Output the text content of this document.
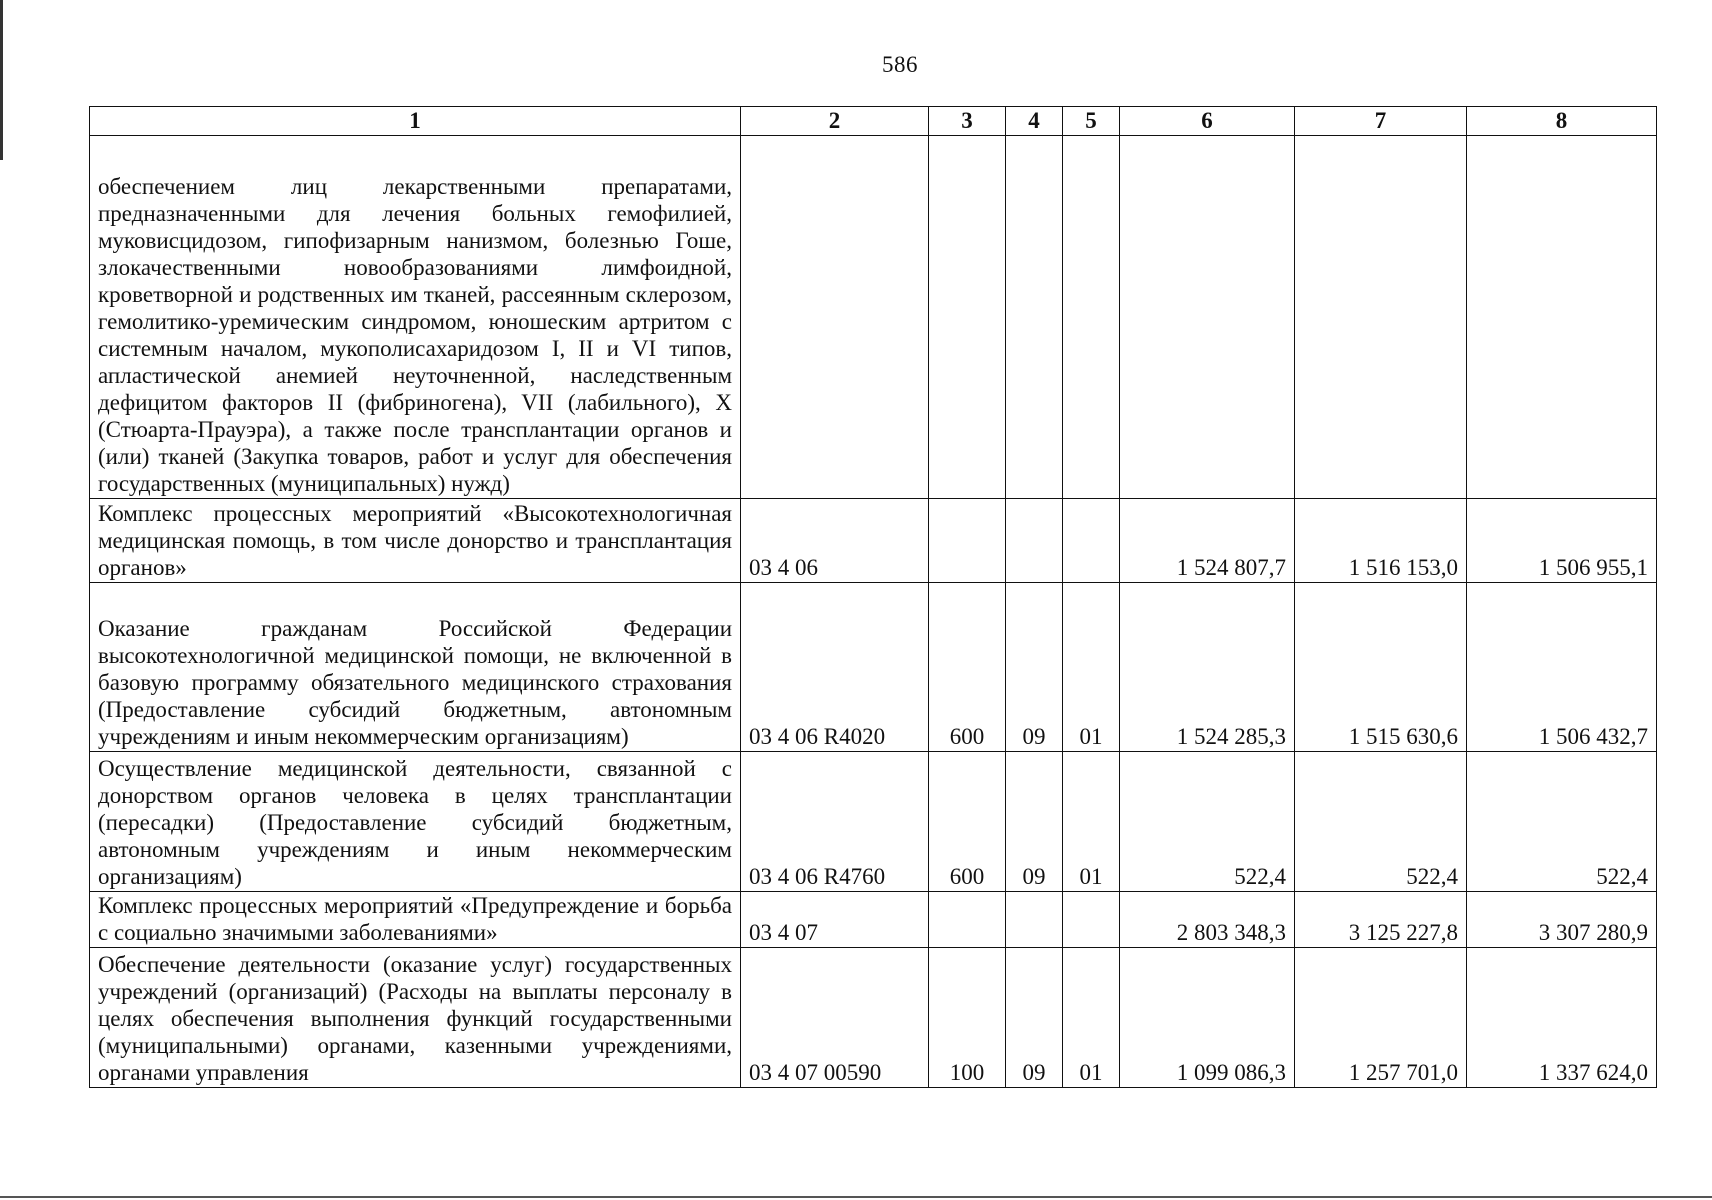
586
1	2	3	4	5	6	7	8
обеспечением лиц лекарственными препаратами, предназначенными для лечения больных гемофилией, муковисцидозом, гипофизарным нанизмом, болезнью Гоше, злокачественными новообразованиями лимфоидной, кроветворной и родственных им тканей, рассеянным склерозом, гемолитико-уремическим синдромом, юношеским артритом с системным началом, мукополисахаридозом I, II и VI типов, апластической анемией неуточненной, наследственным дефицитом факторов II (фибриногена), VII (лабильного), X (Стюарта-Прауэра), а также после трансплантации органов и (или) тканей (Закупка товаров, работ и услуг для обеспечения государственных (муниципальных) нужд)							
Комплекс процессных мероприятий «Высокотехнологичная медицинская помощь, в том числе донорство и трансплантация органов»	03 4 06				1 524 807,7	1 516 153,0	1 506 955,1
Оказание гражданам Российской Федерации высокотехнологичной медицинской помощи, не включенной в базовую программу обязательного медицинского страхования (Предоставление субсидий бюджетным, автономным учреждениям и иным некоммерческим организациям)	03 4 06 R4020	600	09	01	1 524 285,3	1 515 630,6	1 506 432,7
Осуществление медицинской деятельности, связанной с донорством органов человека в целях трансплантации (пересадки) (Предоставление субсидий бюджетным, автономным учреждениям и иным некоммерческим организациям)	03 4 06 R4760	600	09	01	522,4	522,4	522,4
Комплекс процессных мероприятий «Предупреждение и борьба с социально значимыми заболеваниями»	03 4 07				2 803 348,3	3 125 227,8	3 307 280,9
Обеспечение деятельности (оказание услуг) государственных учреждений (организаций) (Расходы на выплаты персоналу в целях обеспечения выполнения функций государственными (муниципальными) органами, казенными учреждениями, органами управления	03 4 07 00590	100	09	01	1 099 086,3	1 257 701,0	1 337 624,0
